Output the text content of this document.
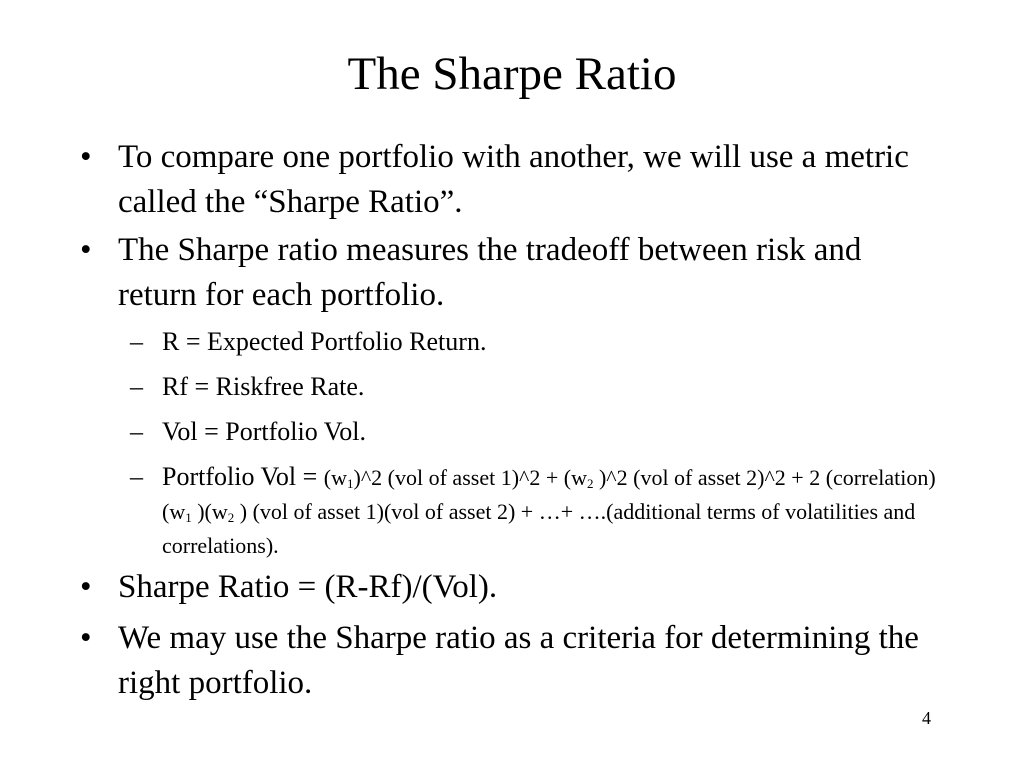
The Sharpe Ratio
• To compare one portfolio with another, we will use a metric called the “Sharpe Ratio”.

• The Sharpe ratio measures the tradeoff between risk and return for each portfolio.

– R = Expected Portfolio Return.

– Rf = Riskfree Rate.

– Vol = Portfolio Vol.

– Portfolio Vol = $(w_1)\^{}2$ (vol of asset 1)^2 + ($w_2$ )^2 (vol of asset 2)^2 + 2 (correlation) ($w_1$ )($w_2$ ) (vol of asset 1)(vol of asset 2) + …+ ….(additional terms of volatilities and correlations).

• Sharpe Ratio = (R-Rf)/(Vol).

• We may use the Sharpe ratio as a criteria for determining the right portfolio.

4
